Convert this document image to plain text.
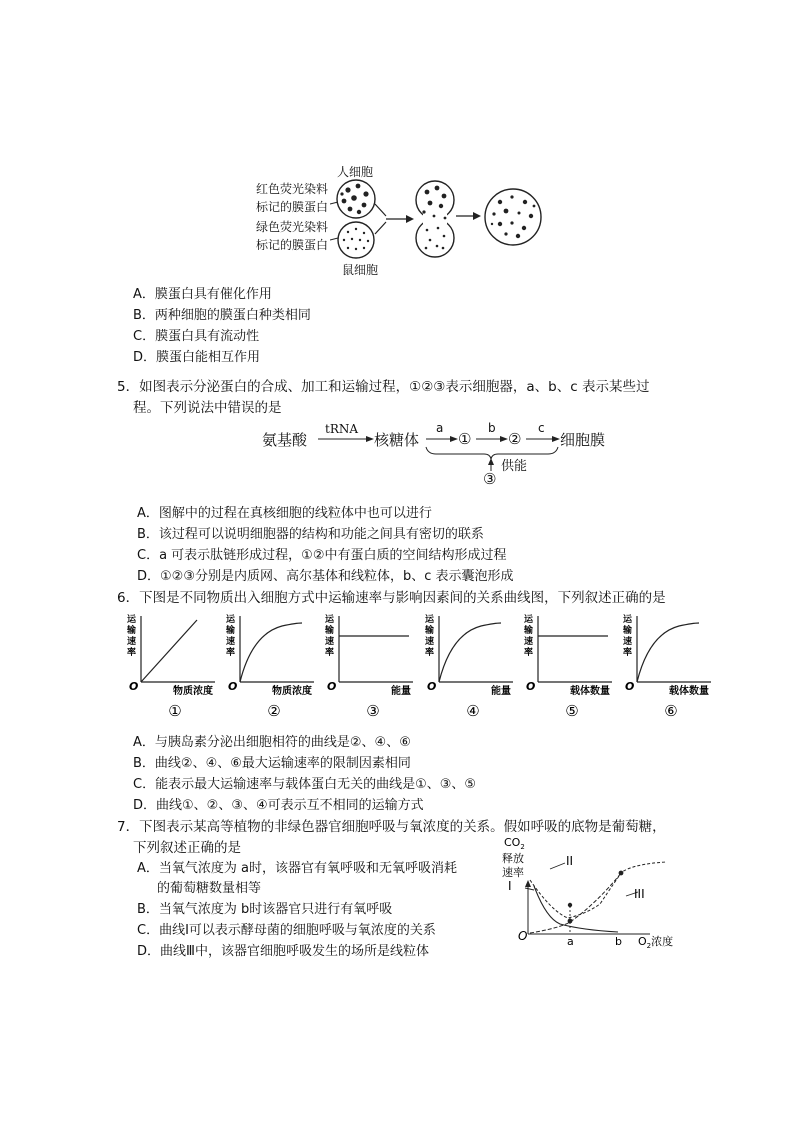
人细胞
红色荧光染料
标记的膜蛋白
绿色荧光染料
标记的膜蛋白
鼠细胞
A．膜蛋白具有催化作用
B．两种细胞的膜蛋白种类相同
C．膜蛋白具有流动性
D．膜蛋白能相互作用
5．如图表示分泌蛋白的合成、加工和运输过程，①②③表示细胞器，a、b、c 表示某些过
程。下列说法中错误的是
氨基酸
tRNA
核糖体
a
①
b
②
c
细胞膜
供能
③
A．图解中的过程在真核细胞的线粒体中也可以进行
B．该过程可以说明细胞器的结构和功能之间具有密切的联系
C．a 可表示肽链形成过程，①②中有蛋白质的空间结构形成过程
D．①②③分别是内质网、高尔基体和线粒体，b、c 表示囊泡形成
6．下图是不同物质出入细胞方式中运输速率与影响因素间的关系曲线图，下列叙述正确的是
运
输
速
率
O	物质浓度
①
运
输
速
率
O	物质浓度
②
运
输
速
率
O	能量
③
运
输
速
率
O	能量
④
运
输
速
率
O	载体数量
⑤
运
输
速
率
O	载体数量
⑥
A．与胰岛素分泌出细胞相符的曲线是②、④、⑥
B．曲线②、④、⑥最大运输速率的限制因素相同
C．能表示最大运输速率与载体蛋白无关的曲线是①、③、⑤
D．曲线①、②、③、④可表示互不相同的运输方式
7．下图表示某高等植物的非绿色器官细胞呼吸与氧浓度的关系。假如呼吸的底物是葡萄糖，
下列叙述正确的是
A．当氧气浓度为 a时，该器官有氧呼吸和无氧呼吸消耗
的葡萄糖数量相等
B．当氧气浓度为 b时该器官只进行有氧呼吸
C．曲线Ⅰ可以表示酵母菌的细胞呼吸与氧浓度的关系
D．曲线Ⅲ中，该器官细胞呼吸发生的场所是线粒体
$CO_2$
释放
速率
II
I
III
O	a	b $O_2$浓度
